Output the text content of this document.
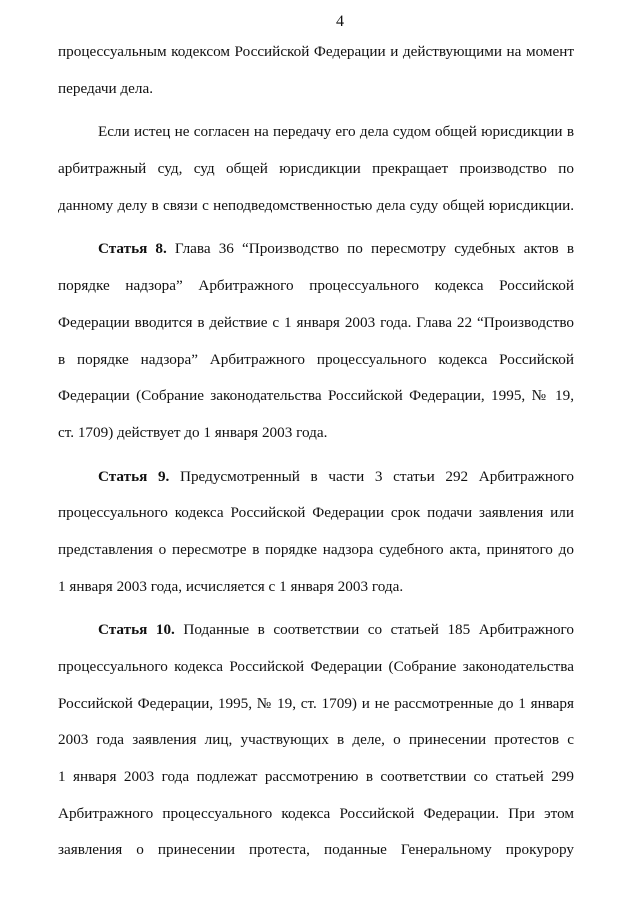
4
процессуальным кодексом Российской Федерации и действующими на момент
передачи дела.
Если истец не согласен на передачу его дела судом общей юрисдикции в
арбитражный суд, суд общей юрисдикции прекращает производство по
данному делу в связи с неподведомственностью дела суду общей юрисдикции.
Статья 8. Глава 36 “Производство по пересмотру судебных актов в
порядке надзора” Арбитражного процессуального кодекса Российской
Федерации вводится в действие с 1 января 2003 года. Глава 22 “Производство
в порядке надзора” Арбитражного процессуального кодекса Российской
Федерации (Собрание законодательства Российской Федерации, 1995, № 19,
ст. 1709) действует до 1 января 2003 года.
Статья 9. Предусмотренный в части 3 статьи 292 Арбитражного
процессуального кодекса Российской Федерации срок подачи заявления или
представления о пересмотре в порядке надзора судебного акта, принятого до
1 января 2003 года, исчисляется с 1 января 2003 года.
Статья 10. Поданные в соответствии со статьей 185 Арбитражного
процессуального кодекса Российской Федерации (Собрание законодательства
Российской Федерации, 1995, № 19, ст. 1709) и не рассмотренные до 1 января
2003 года заявления лиц, участвующих в деле, о принесении протестов с
1 января 2003 года подлежат рассмотрению в соответствии со статьей 299
Арбитражного процессуального кодекса Российской Федерации. При этом
заявления о принесении протеста, поданные Генеральному прокурору
